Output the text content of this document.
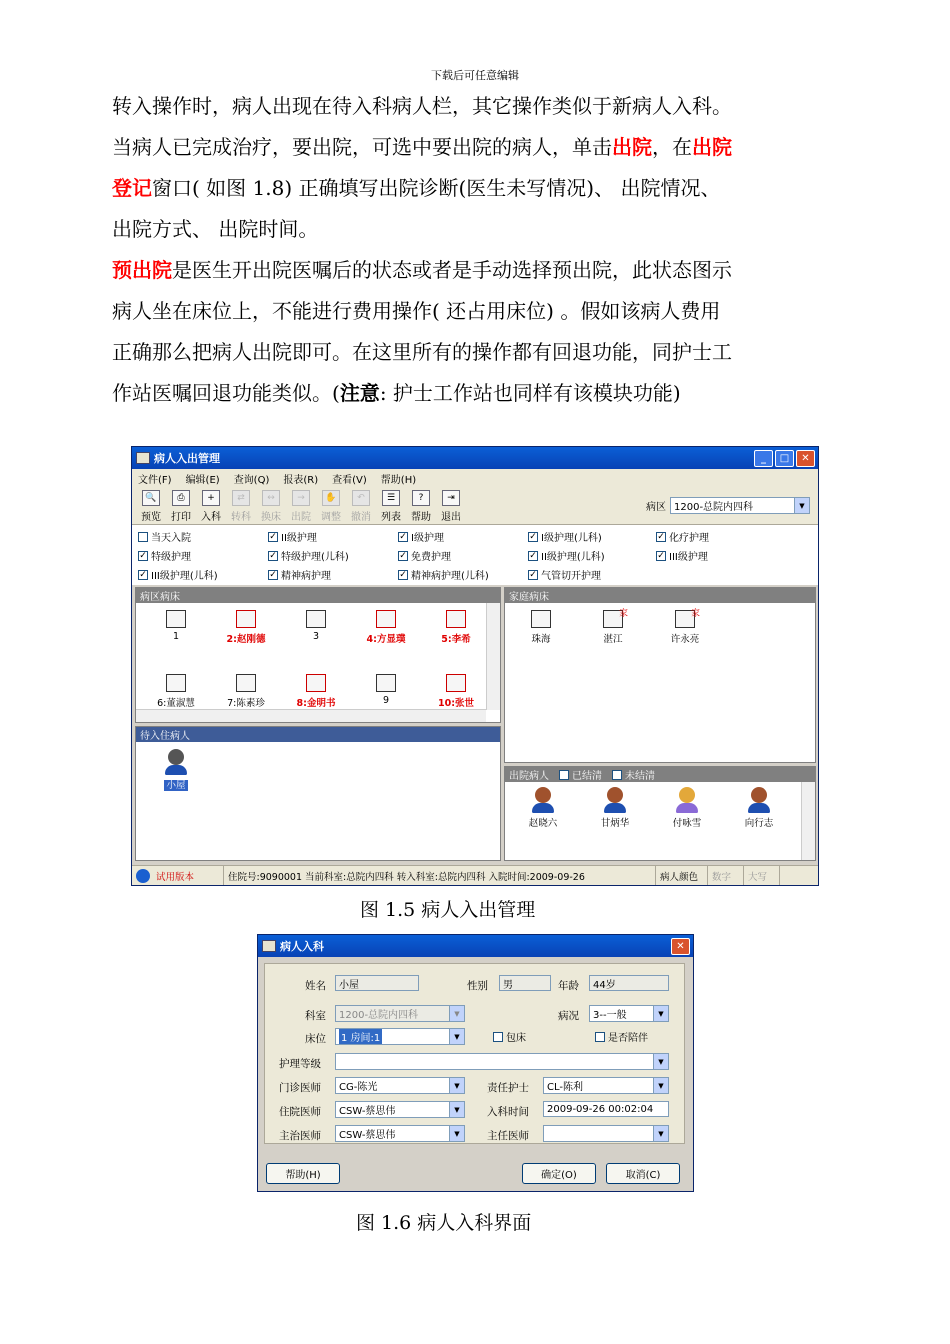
下载后可任意编辑
转入操作时，病人出现在待入科病人栏，其它操作类似于新病人入科。
当病人已完成治疗，要出院，可选中要出院的病人，单击出院，在出院
登记窗口( 如图 1.8) 正确填写出院诊断(医生未写情况)、 出院情况、
出院方式、 出院时间。
预出院是医生开出院医嘱后的状态或者是手动选择预出院，此状态图示
病人坐在床位上，不能进行费用操作( 还占用床位) 。假如该病人费用
正确那么把病人出院即可。在这里所有的操作都有回退功能，同护士工
作站医嘱回退功能类似。(注意: 护士工作站也同样有该模块功能)
病人入出管理	_	□	✕
文件(F) 编辑(E) 查询(Q) 报表(R) 查看(V) 帮助(H)
🔍
预览
⎙
打印
+
入科
⇄
转科
↔
换床
→
出院
✋
调整
↶
撤消
☰
列表
?
帮助
⇥
退出
病区 1200-总院内四科	▼
当天入院	✓ II级护理	✓ I级护理	✓ I级护理(儿科)	✓ 化疗护理
✓ 特级护理	✓ 特级护理(儿科)	✓ 免费护理	✓ II级护理(儿科)	✓ III级护理
✓ III级护理(儿科)	✓ 精神病护理	✓ 精神病护理(儿科)	✓ 气管切开护理
病区病床
1	2:赵刚德	3	4:方显璞	5:李希
6:董淑慧	7:陈素珍	8:金明书	9	10:张世
家庭病床
珠海
家
湛江
家
许永亮
待入住病人
小屋
出院病人 ✓ 已结清 ✓ 未结清
赵晓六	甘炳华	付咏雪	向行志
试用版本	住院号:9090001 当前科室:总院内四科 转入科室:总院内四科 入院时间:2009-09-26	病人颜色	数字	大写
图 1.5 病人入出管理
病人入科	✕
姓名	小屋	性别	男	年龄	44岁
科室 1200-总院内四科	▼	病况 3--一般	▼
床位 1 房间:1	▼	包床	是否陪伴
护理等级	▼
门诊医师 CG-陈光	▼	责任护士 CL-陈利	▼
住院医师 CSW-蔡思伟	▼	入科时间	2009-09-26 00:02:04
主治医师 CSW-蔡思伟	▼	主任医师	▼
帮助(H)	确定(O)	取消(C)
图 1.6 病人入科界面
